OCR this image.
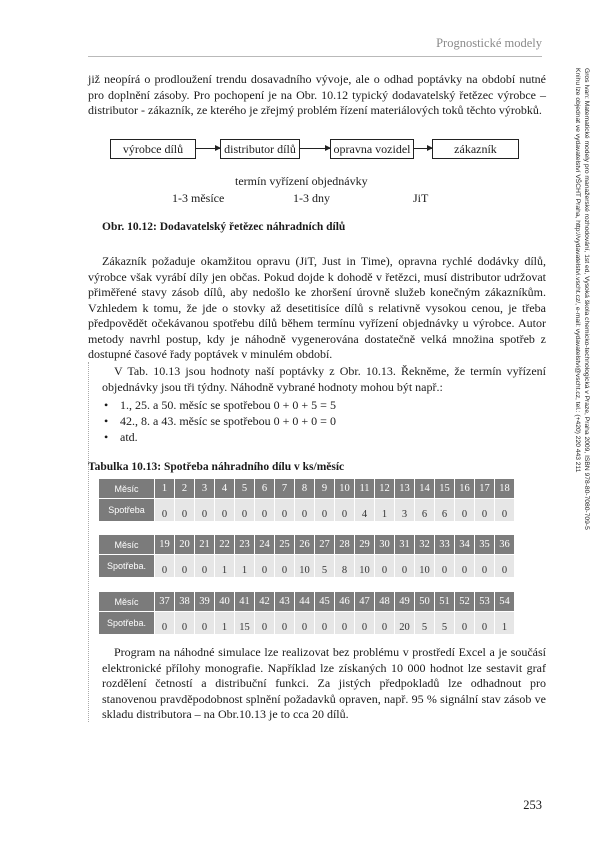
Prognostické modely
Gros Ivan: Matematické modely pro manažerské rozhodování, 1st ed, Vysoká škola chemicko-technologická v Praze, Praha 2009, ISBN 978-80-7080-709-5
Knihu lze objednat ve vydavatelství VŠCHT Praha, http://vydavatelstvi.vscht.cz/, e-mail: vydavatelstvi@vscht.cz, tel.: (+420) 220 443 211

již neopírá o prodloužení trendu dosavadního vývoje, ale o odhad poptávky na období nutné pro doplnění zásoby. Pro pochopení je na Obr. 10.12 typický dodavatelský řetězec výrobce – distributor - zákazník, ze kterého je zřejmý problém řízení materiálových toků těchto výrobků.

výrobce dílů	distributor dílů	opravna vozidel	zákazník
termín vyřízení objednávky
1-3 měsíce	1-3 dny	JiT

Obr. 10.12: Dodavatelský řetězec náhradních dílů

Zákazník požaduje okamžitou opravu (JiT, Just in Time), opravna rychlé dodávky dílů, výrobce však vyrábí díly jen občas. Pokud dojde k dohodě v řetězci, musí distributor udržovat přiměřené stavy zásob dílů, aby nedošlo ke zhoršení úrovně služeb konečným zákazníkům. Vzhledem k tomu, že jde o stovky až desetitisíce dílů s relativně vysokou cenou, je třeba předpovědět očekávanou spotřebu dílů během termínu vyřízení objednávky u výrobce. Autor metody navrhl postup, kdy je náhodně vygenerována dostatečně velká množina spotřeb z dostupné časové řady poptávek v minulém období.

V Tab. 10.13 jsou hodnoty naší poptávky z Obr. 10.13. Řekněme, že termín vyřízení objednávky jsou tři týdny. Náhodně vybrané hodnoty mohou být např.:

• 1., 25. a 50. měsíc se spotřebou 0 + 0 + 5 = 5
• 42., 8. a 43. měsíc se spotřebou 0 + 0 + 0 = 0
• atd.

Tabulka 10.13: Spotřeba náhradního dílu v ks/měsíc

Měsíc	1	2	3	4	5	6	7	8	9	10	11	12	13	14	15	16	17	18
Spotřeba	0	0	0	0	0	0	0	0	0	0	4	1	3	6	6	0	0	0
Měsíc	19	20	21	22	23	24	25	26	27	28	29	30	31	32	33	34	35	36
Spotřeba.	0	0	0	1	1	0	0	10	5	8	10	0	0	10	0	0	0	0
Měsíc	37	38	39	40	41	42	43	44	45	46	47	48	49	50	51	52	53	54
Spotřeba.	0	0	0	1	15	0	0	0	0	0	0	0	20	5	5	0	0	1

Program na náhodné simulace lze realizovat bez problému v prostředí Excel a je součásí elektronické přílohy monografie. Například lze získaných 10 000 hodnot lze sestavit graf rozdělení četností a distribuční funkci. Za jistých předpokladů lze odhadnout pro stanovenou pravděpodobnost splnění požadavků opraven, např. 95 % signální stav zásob ve skladu distributora – na Obr.10.13 je to cca 20 dílů.

253
